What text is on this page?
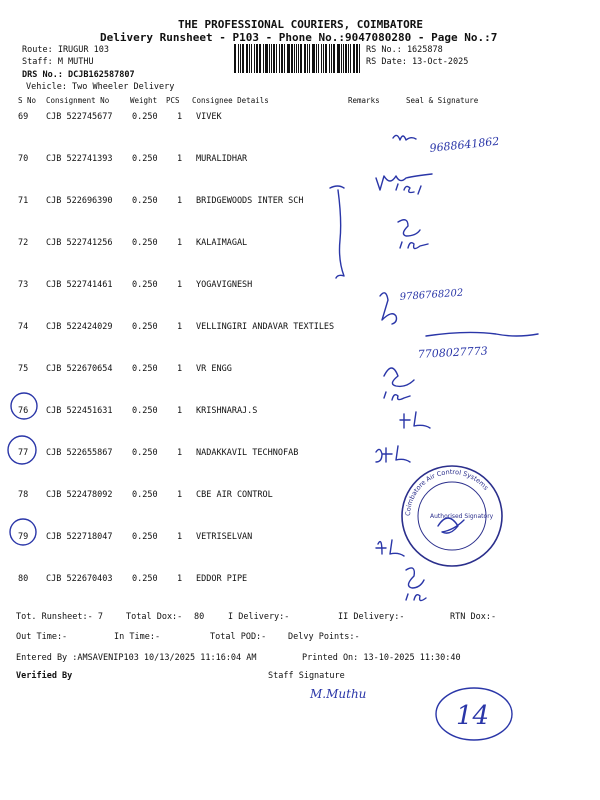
THE PROFESSIONAL COURIERS, COIMBATORE
Delivery Runsheet - P103 - Phone No.:9047080280 - Page No.:7
Route: IRUGUR 103
Staff: M MUTHU
DRS No.: DCJB162587807
Vehicle: Two Wheeler Delivery
RS No.: 1625878
RS Date: 13-Oct-2025
S No Consignment No	Weight PCS Consignee Details	Remarks	Seal & Signature
69 CJB 522745677 0.250 1 VIVEK
70 CJB 522741393 0.250 1 MURALIDHAR
71 CJB 522696390 0.250 1 BRIDGEWOODS INTER SCH
72 CJB 522741256 0.250 1 KALAIMAGAL
73 CJB 522741461 0.250 1 YOGAVIGNESH
74 CJB 522424029 0.250 1 VELLINGIRI ANDAVAR TEXTILES
75 CJB 522670654 0.250 1 VR ENGG
76 CJB 522451631 0.250 1 KRISHNARAJ.S
77 CJB 522655867 0.250 1 NADAKKAVIL TECHNOFAB
78 CJB 522478092 0.250 1 CBE AIR CONTROL
79 CJB 522718047 0.250 1 VETRISELVAN
80 CJB 522670403 0.250 1 EDDOR PIPE
Tot. Runsheet:- 7	Total Dox:- 80	I Delivery:-	II Delivery:-	RTN Dox:-
Out Time:-	In Time:-	Total POD:-	Delvy Points:-
Entered By :AMSAVENIP103 10/13/2025 11:16:04 AM	Printed On: 13-10-2025 11:30:40
Verified By	Staff Signature
9688641862
9786768202
7708027773
Coimbatore Air Control Systems
Authorised Signatory
M.Muthu
14
